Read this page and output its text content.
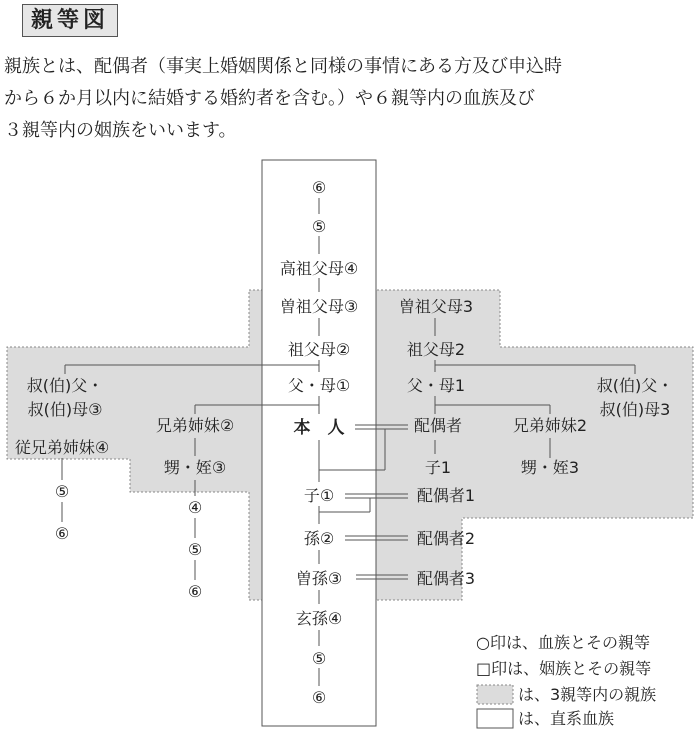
親等図
親族とは、配偶者（事実上婚姻関係と同様の事情にある方及び申込時
から６か月以内に結婚する婚約者を含む。）や６親等内の血族及び
３親等内の姻族をいいます。
⑥
⑤
高祖父母④
曽祖父母③
祖父母②
父・母①
本　人
子①
孫②
曽孫③
玄孫④
⑤
⑥
叔(伯)父・
叔(伯)母③
従兄弟姉妹④
⑤
⑥
兄弟姉妹②
甥・姪③
④
⑤
⑥
曽祖父母3
祖父母2
父・母1	叔(伯)父・
叔(伯)母3
配偶者	兄弟姉妹2
子1	甥・姪3
配偶者1
配偶者2
配偶者3
○印は、血族とその親等
□印は、姻族とその親等
は、3親等内の親族
は、直系血族
